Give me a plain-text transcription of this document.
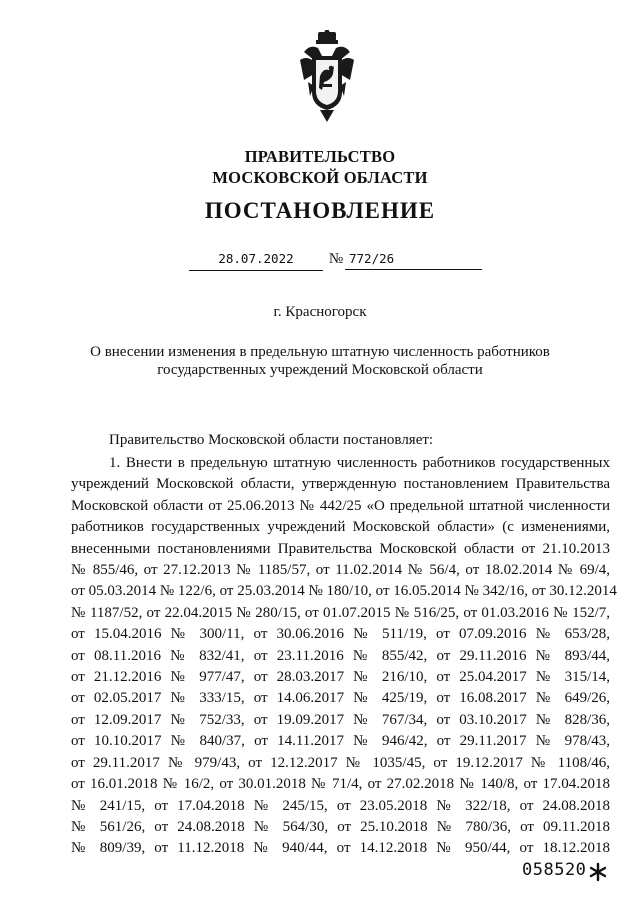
ПРАВИТЕЛЬСТВО
МОСКОВСКОЙ ОБЛАСТИ
ПОСТАНОВЛЕНИЕ
28.07.2022	№ 772/26
г. Красногорск
О внесении изменения в предельную штатную численность работников
государственных учреждений Московской области
Правительство Московской области постановляет:
1. Внести в предельную штатную численность работников государственных
учреждений Московской области, утвержденную постановлением Правительства
Московской области от 25.06.2013 № 442/25 «О предельной штатной численности
работников государственных учреждений Московской области» (с изменениями,
внесенными постановлениями Правительства Московской области от 21.10.2013
№ 855/46, от 27.12.2013 № 1185/57, от 11.02.2014 № 56/4, от 18.02.2014 № 69/4,
от 05.03.2014 № 122/6, от 25.03.2014 № 180/10, от 16.05.2014 № 342/16, от 30.12.2014
№ 1187/52, от 22.04.2015 № 280/15, от 01.07.2015 № 516/25, от 01.03.2016 № 152/7,
от 15.04.2016 № 300/11, от 30.06.2016 № 511/19, от 07.09.2016 № 653/28,
от 08.11.2016 № 832/41, от 23.11.2016 № 855/42, от 29.11.2016 № 893/44,
от 21.12.2016 № 977/47, от 28.03.2017 № 216/10, от 25.04.2017 № 315/14,
от 02.05.2017 № 333/15, от 14.06.2017 № 425/19, от 16.08.2017 № 649/26,
от 12.09.2017 № 752/33, от 19.09.2017 № 767/34, от 03.10.2017 № 828/36,
от 10.10.2017 № 840/37, от 14.11.2017 № 946/42, от 29.11.2017 № 978/43,
от 29.11.2017 № 979/43, от 12.12.2017 № 1035/45, от 19.12.2017 № 1108/46,
от 16.01.2018 № 16/2, от 30.01.2018 № 71/4, от 27.02.2018 № 140/8, от 17.04.2018
№ 241/15, от 17.04.2018 № 245/15, от 23.05.2018 № 322/18, от 24.08.2018
№ 561/26, от 24.08.2018 № 564/30, от 25.10.2018 № 780/36, от 09.11.2018
№ 809/39, от 11.12.2018 № 940/44, от 14.12.2018 № 950/44, от 18.12.2018
058520
